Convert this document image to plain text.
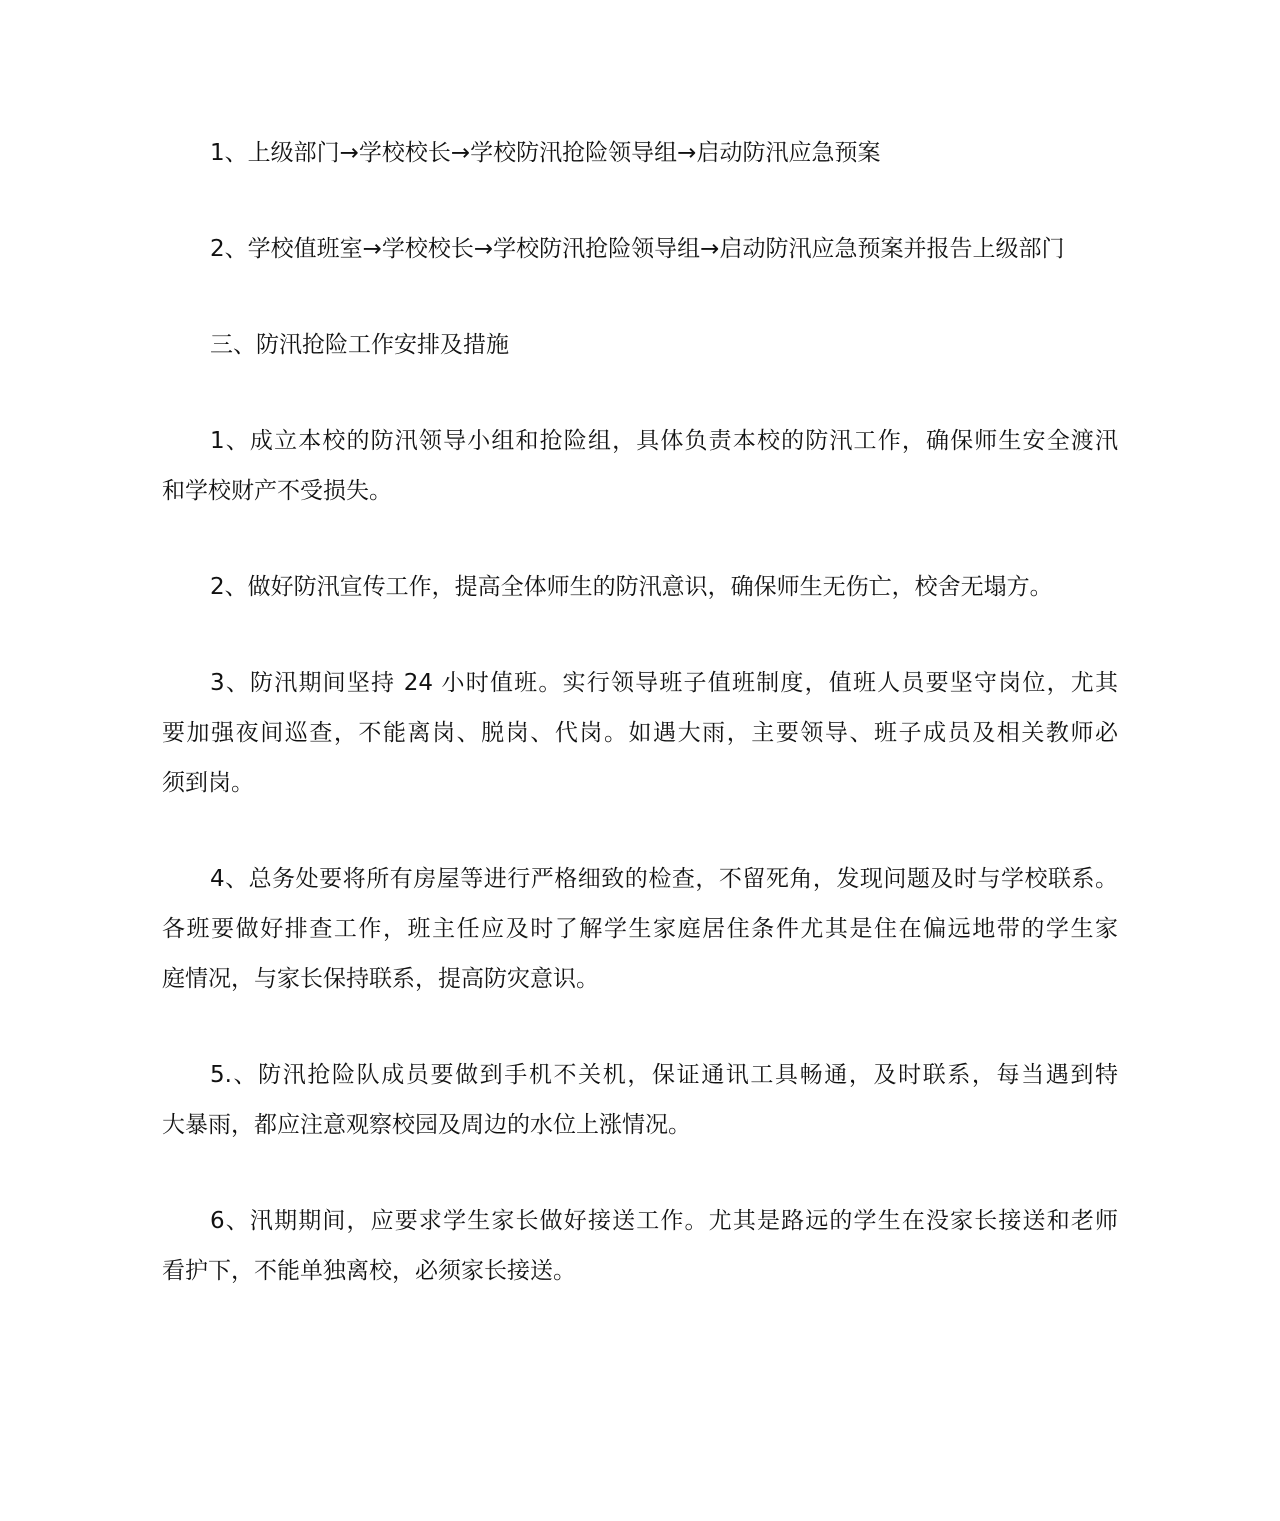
1、上级部门→学校校长→学校防汛抢险领导组→启动防汛应急预案
2、学校值班室→学校校长→学校防汛抢险领导组→启动防汛应急预案并报告上级部门
三、防汛抢险工作安排及措施
1、成立本校的防汛领导小组和抢险组，具体负责本校的防汛工作，确保师生安全渡汛
和学校财产不受损失。
2、做好防汛宣传工作，提高全体师生的防汛意识，确保师生无伤亡，校舍无塌方。
3、防汛期间坚持 24 小时值班。实行领导班子值班制度，值班人员要坚守岗位，尤其
要加强夜间巡查，不能离岗、脱岗、代岗。如遇大雨，主要领导、班子成员及相关教师必
须到岗。
4、总务处要将所有房屋等进行严格细致的检查，不留死角，发现问题及时与学校联系。
各班要做好排查工作，班主任应及时了解学生家庭居住条件尤其是住在偏远地带的学生家
庭情况，与家长保持联系，提高防灾意识。
5.、防汛抢险队成员要做到手机不关机，保证通讯工具畅通，及时联系，每当遇到特
大暴雨，都应注意观察校园及周边的水位上涨情况。
6、汛期期间，应要求学生家长做好接送工作。尤其是路远的学生在没家长接送和老师
看护下，不能单独离校，必须家长接送。
